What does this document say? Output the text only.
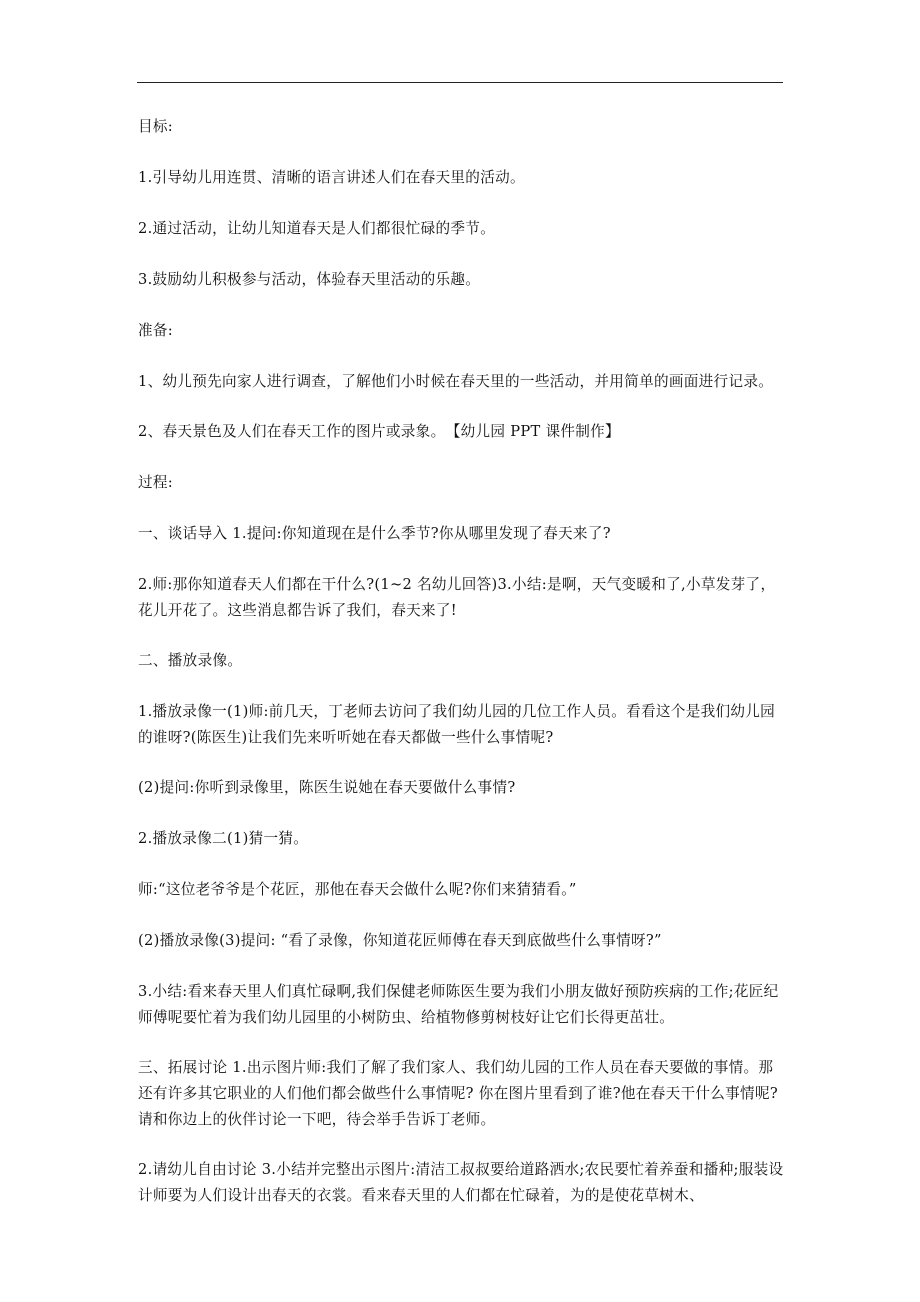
目标:

1.引导幼儿用连贯、清晰的语言讲述人们在春天里的活动。

2.通过活动，让幼儿知道春天是人们都很忙碌的季节。

3.鼓励幼儿积极参与活动，体验春天里活动的乐趣。

准备:

1、幼儿预先向家人进行调查，了解他们小时候在春天里的一些活动，并用简单的画面进行记录。

2、春天景色及人们在春天工作的图片或录象。　【幼儿园 PPT 课件制作】

过程:

一、谈话导入 1.提问:你知道现在是什么季节?你从哪里发现了春天来了?

2.师:那你知道春天人们都在干什么?(1~2 名幼儿回答)3.小结:是啊，天气变暖和了,小草发芽了，花儿开花了。这些消息都告诉了我们，春天来了!

二、播放录像。

1.播放录像一(1)师:前几天，丁老师去访问了我们幼儿园的几位工作人员。看看这个是我们幼儿园的谁呀?(陈医生)让我们先来听听她在春天都做一些什么事情呢?

(2)提问:你听到录像里，陈医生说她在春天要做什么事情?

2.播放录像二(1)猜一猜。

师:“这位老爷爷是个花匠，那他在春天会做什么呢?你们来猜猜看。”

(2)播放录像(3)提问: “看了录像，你知道花匠师傅在春天到底做些什么事情呀?”

3.小结:看来春天里人们真忙碌啊,我们保健老师陈医生要为我们小朋友做好预防疾病的工作;花匠纪师傅呢要忙着为我们幼儿园里的小树防虫、给植物修剪树枝好让它们长得更茁壮。

三、拓展讨论 1.出示图片师:我们了解了我们家人、我们幼儿园的工作人员在春天要做的事情。那还有许多其它职业的人们他们都会做些什么事情呢? 你在图片里看到了谁?他在春天干什么事情呢?请和你边上的伙伴讨论一下吧，待会举手告诉丁老师。

2.请幼儿自由讨论 3.小结并完整出示图片:清洁工叔叔要给道路洒水;农民要忙着养蚕和播种;服装设计师要为人们设计出春天的衣裳。看来春天里的人们都在忙碌着，为的是使花草树木、
